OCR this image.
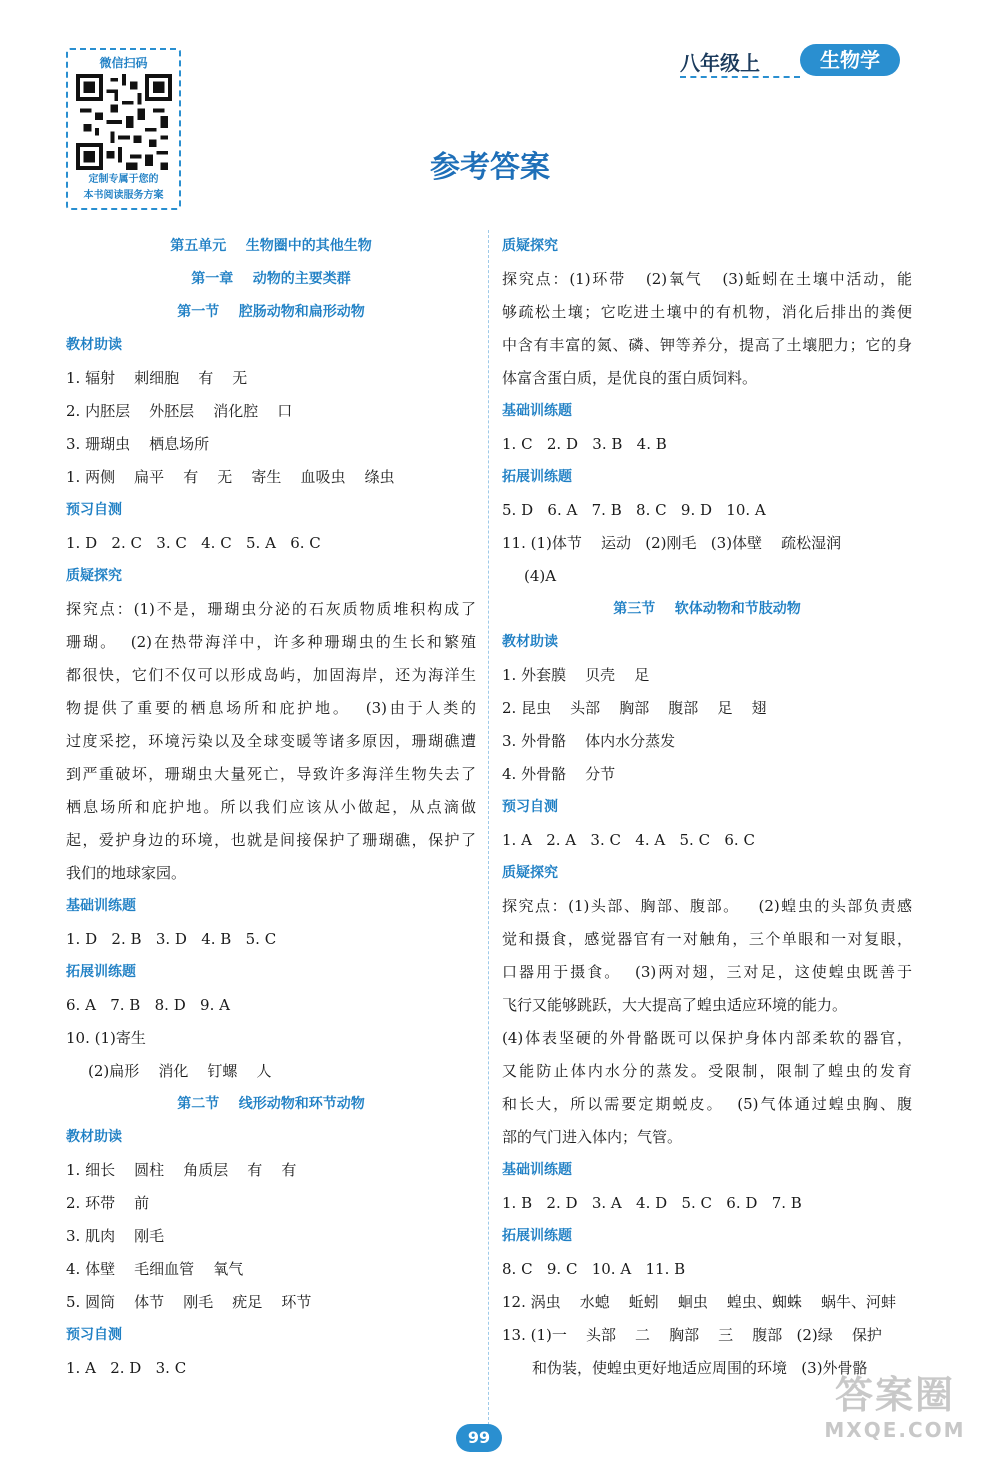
微信扫码
定制专属于您的
本书阅读服务方案
八年级上	生物学
参考答案
第五单元    生物圈中的其他生物
第一章    动物的主要类群
第一节    腔肠动物和扁形动物
教材助读
1. 辐射    刺细胞    有    无
2. 内胚层    外胚层    消化腔    口
3. 珊瑚虫    栖息场所
1. 两侧    扁平    有    无    寄生    血吸虫    绦虫
预习自测
1. D   2. C   3. C   4. C   5. A   6. C
质疑探究
探究点：(1)不是，珊瑚虫分泌的石灰质物质堆积构成了
珊瑚。  (2)在热带海洋中，许多种珊瑚虫的生长和繁殖
都很快，它们不仅可以形成岛屿，加固海岸，还为海洋生
物提供了重要的栖息场所和庇护地。  (3)由于人类的
过度采挖，环境污染以及全球变暖等诸多原因，珊瑚礁遭
到严重破坏，珊瑚虫大量死亡，导致许多海洋生物失去了
栖息场所和庇护地。所以我们应该从小做起，从点滴做
起，爱护身边的环境，也就是间接保护了珊瑚礁，保护了
我们的地球家园。
基础训练题
1. D   2. B   3. D   4. B   5. C
拓展训练题
6. A   7. B   8. D   9. A
10. (1)寄生
(2)扁形    消化    钉螺    人
第二节    线形动物和环节动物
教材助读
1. 细长    圆柱    角质层    有    有
2. 环带    前
3. 肌肉    刚毛
4. 体壁    毛细血管    氧气
5. 圆筒    体节    刚毛    疣足    环节
预习自测
1. A   2. D   3. C
质疑探究
探究点：(1)环带   (2)氧气   (3)蚯蚓在土壤中活动，能
够疏松土壤；它吃进土壤中的有机物，消化后排出的粪便
中含有丰富的氮、磷、钾等养分，提高了土壤肥力；它的身
体富含蛋白质，是优良的蛋白质饲料。
基础训练题
1. C   2. D   3. B   4. B
拓展训练题
5. D   6. A   7. B   8. C   9. D   10. A
11. (1)体节    运动   (2)刚毛   (3)体壁    疏松湿润
(4)A
第三节    软体动物和节肢动物
教材助读
1. 外套膜    贝壳    足
2. 昆虫    头部    胸部    腹部    足    翅
3. 外骨骼    体内水分蒸发
4. 外骨骼    分节
预习自测
1. A   2. A   3. C   4. A   5. C   6. C
质疑探究
探究点：(1)头部、胸部、腹部。   (2)蝗虫的头部负责感
觉和摄食，感觉器官有一对触角，三个单眼和一对复眼，
口器用于摄食。  (3)两对翅，三对足，这使蝗虫既善于
飞行又能够跳跃，大大提高了蝗虫适应环境的能力。
(4)体表坚硬的外骨骼既可以保护身体内部柔软的器官，
又能防止体内水分的蒸发。受限制，限制了蝗虫的发育
和长大，所以需要定期蜕皮。  (5)气体通过蝗虫胸、腹
部的气门进入体内；气管。
基础训练题
1. B   2. D   3. A   4. D   5. C   6. D   7. B
拓展训练题
8. C   9. C   10. A   11. B
12. 涡虫    水螅    蚯蚓    蛔虫    蝗虫、蜘蛛    蜗牛、河蚌
13. (1)一    头部    二    胸部    三    腹部   (2)绿    保护
和伪装，使蝗虫更好地适应周围的环境   (3)外骨骼
99
答案圈
MXQE.COM
